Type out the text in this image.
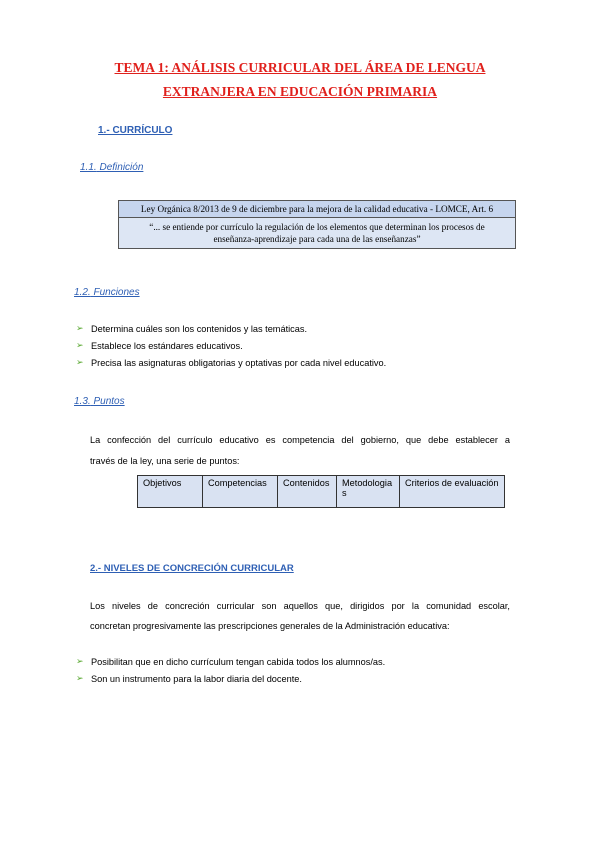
TEMA 1: ANÁLISIS CURRICULAR DEL ÁREA DE LENGUA
EXTRANJERA EN EDUCACIÓN PRIMARIA
1.- CURRÍCULO
1.1. Definición
Ley Orgánica 8/2013 de 9 de diciembre para la mejora de la calidad educativa - LOMCE, Art. 6
“... se entiende por currículo la regulación de los elementos que determinan los procesos de
enseñanza-aprendizaje para cada una de las enseñanzas”
1.2. Funciones
➢ Determina cuáles son los contenidos y las temáticas.
➢ Establece los estándares educativos.
➢ Precisa las asignaturas obligatorias y optativas por cada nivel educativo.
1.3. Puntos
La confección del currículo educativo es competencia del gobierno, que debe establecer a
través de la ley, una serie de puntos:
Objetivos	Competencias	Contenidos	Metodologia s	Criterios de evaluación
2.- NIVELES DE CONCRECIÓN CURRICULAR
Los niveles de concreción curricular son aquellos que, dirigidos por la comunidad escolar,
concretan progresivamente las prescripciones generales de la Administración educativa:
➢ Posibilitan que en dicho currículum tengan cabida todos los alumnos/as.
➢ Son un instrumento para la labor diaria del docente.
